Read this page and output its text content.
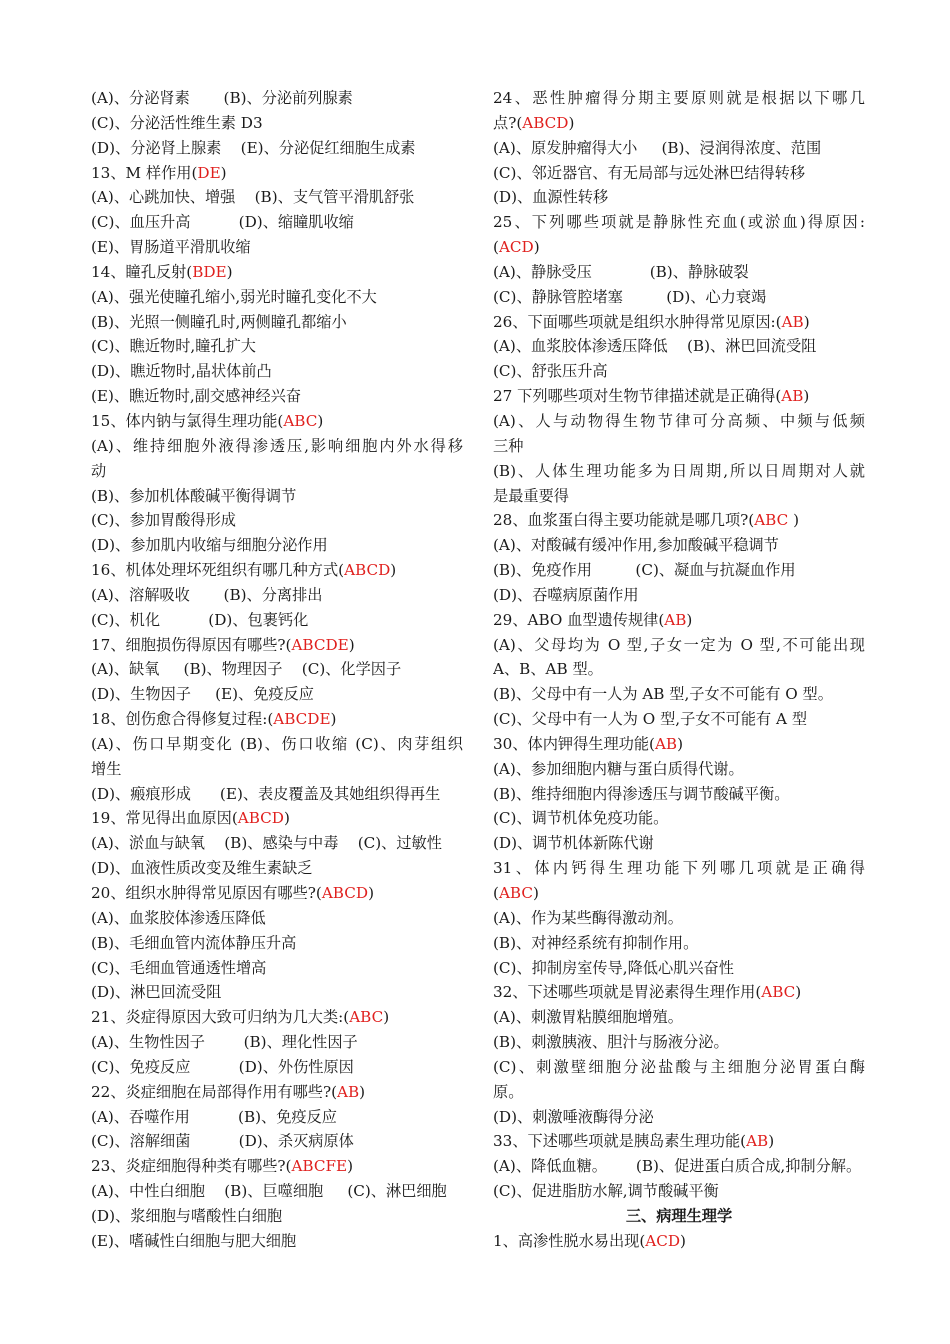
(A)、分泌肾素       (B)、分泌前列腺素
(C)、分泌活性维生素 D3
(D)、分泌肾上腺素    (E)、分泌促红细胞生成素
13、M 样作用(DE)
(A)、心跳加快、增强    (B)、支气管平滑肌舒张
(C)、血压升高          (D)、缩瞳肌收缩
(E)、胃肠道平滑肌收缩
14、瞳孔反射(BDE)
(A)、强光使瞳孔缩小,弱光时瞳孔变化不大
(B)、光照一侧瞳孔时,两侧瞳孔都缩小
(C)、瞧近物时,瞳孔扩大
(D)、瞧近物时,晶状体前凸
(E)、瞧近物时,副交感神经兴奋
15、体内钠与氯得生理功能(ABC)
(A)、维持细胞外液得渗透压,影响细胞内外水得移
动
(B)、参加机体酸碱平衡得调节
(C)、参加胃酸得形成
(D)、参加肌内收缩与细胞分泌作用
16、机体处理坏死组织有哪几种方式(ABCD)
(A)、溶解吸收       (B)、分离排出
(C)、机化          (D)、包裹钙化
17、细胞损伤得原因有哪些?(ABCDE)
(A)、缺氧     (B)、物理因子    (C)、化学因子
(D)、生物因子     (E)、免疫反应
18、创伤愈合得修复过程:(ABCDE)
(A)、伤口早期变化 (B)、伤口收缩 (C)、肉芽组织
增生
(D)、瘢痕形成      (E)、表皮覆盖及其她组织得再生
19、常见得出血原因(ABCD)
(A)、淤血与缺氧    (B)、感染与中毒    (C)、过敏性
(D)、血液性质改变及维生素缺乏
20、组织水肿得常见原因有哪些?(ABCD)
(A)、血浆胶体渗透压降低
(B)、毛细血管内流体静压升高
(C)、毛细血管通透性增高
(D)、淋巴回流受阻
21、炎症得原因大致可归纳为几大类:(ABC)
(A)、生物性因子        (B)、理化性因子
(C)、免疫反应          (D)、外伤性原因
22、炎症细胞在局部得作用有哪些?(AB)
(A)、吞噬作用          (B)、免疫反应
(C)、溶解细菌          (D)、杀灭病原体
23、炎症细胞得种类有哪些?(ABCFE)
(A)、中性白细胞    (B)、巨噬细胞     (C)、淋巴细胞
(D)、浆细胞与嗜酸性白细胞
(E)、嗜碱性白细胞与肥大细胞
24、恶性肿瘤得分期主要原则就是根据以下哪几
点?(ABCD)
(A)、原发肿瘤得大小     (B)、浸润得浓度、范围
(C)、邻近器官、有无局部与远处淋巴结得转移
(D)、血源性转移
25、下列哪些项就是静脉性充血(或淤血)得原因:
(ACD)
(A)、静脉受压            (B)、静脉破裂
(C)、静脉管腔堵塞         (D)、心力衰竭
26、下面哪些项就是组织水肿得常见原因:(AB)
(A)、血浆胶体渗透压降低    (B)、淋巴回流受阻
(C)、舒张压升高
27 下列哪些项对生物节律描述就是正确得(AB)
(A)、人与动物得生物节律可分高频、中频与低频
三种
(B)、人体生理功能多为日周期,所以日周期对人就
是最重要得
28、血浆蛋白得主要功能就是哪几项?(ABC )
(A)、对酸碱有缓冲作用,参加酸碱平稳调节
(B)、免疫作用         (C)、凝血与抗凝血作用
(D)、吞噬病原菌作用
29、ABO 血型遗传规律(AB)
(A)、父母均为 O 型,子女一定为 O 型,不可能出现
A、B、AB 型。
(B)、父母中有一人为 AB 型,子女不可能有 O 型。
(C)、父母中有一人为 O 型,子女不可能有 A 型
30、体内钾得生理功能(AB)
(A)、参加细胞内糖与蛋白质得代谢。
(B)、维持细胞内得渗透压与调节酸碱平衡。
(C)、调节机体免疫功能。
(D)、调节机体新陈代谢
31、体内钙得生理功能下列哪几项就是正确得
(ABC)
(A)、作为某些酶得激动剂。
(B)、对神经系统有抑制作用。
(C)、抑制房室传导,降低心肌兴奋性
32、下述哪些项就是胃泌素得生理作用(ABC)
(A)、刺激胃粘膜细胞增殖。
(B)、刺激胰液、胆汁与肠液分泌。
(C)、刺激壁细胞分泌盐酸与主细胞分泌胃蛋白酶
原。
(D)、刺激唾液酶得分泌
33、下述哪些项就是胰岛素生理功能(AB)
(A)、降低血糖。      (B)、促进蛋白质合成,抑制分解。
(C)、促进脂肪水解,调节酸碱平衡
三、病理生理学
1、高渗性脱水易出现(ACD)
